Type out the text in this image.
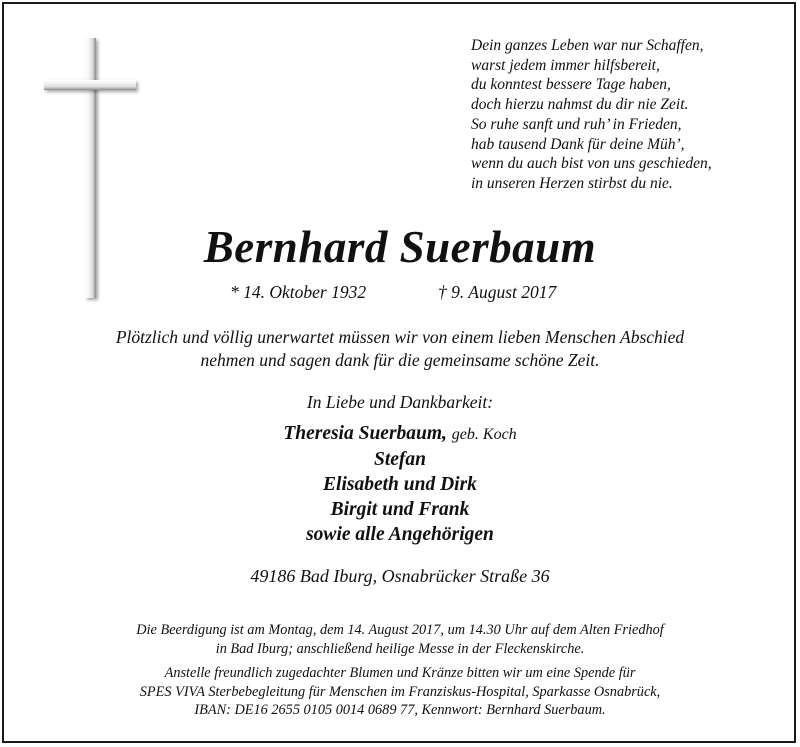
Dein ganzes Leben war nur Schaffen,
warst jedem immer hilfsbereit,
du konntest bessere Tage haben,
doch hierzu nahmst du dir nie Zeit.
So ruhe sanft und ruh’ in Frieden,
hab tausend Dank für deine Müh’,
wenn du auch bist von uns geschieden,
in unseren Herzen stirbst du nie.
Bernhard Suerbaum
* 14. Oktober 1932	† 9. August 2017
Plötzlich und völlig unerwartet müssen wir von einem lieben Menschen Abschied
nehmen und sagen dank für die gemeinsame schöne Zeit.
In Liebe und Dankbarkeit:
Theresia Suerbaum, geb. Koch
Stefan
Elisabeth und Dirk
Birgit und Frank
sowie alle Angehörigen
49186 Bad Iburg, Osnabrücker Straße 36
Die Beerdigung ist am Montag, dem 14. August 2017, um 14.30 Uhr auf dem Alten Friedhof
in Bad Iburg; anschließend heilige Messe in der Fleckenskirche.
Anstelle freundlich zugedachter Blumen und Kränze bitten wir um eine Spende für
SPES VIVA Sterbebegleitung für Menschen im Franziskus-Hospital, Sparkasse Osnabrück,
IBAN: DE16 2655 0105 0014 0689 77, Kennwort: Bernhard Suerbaum.
